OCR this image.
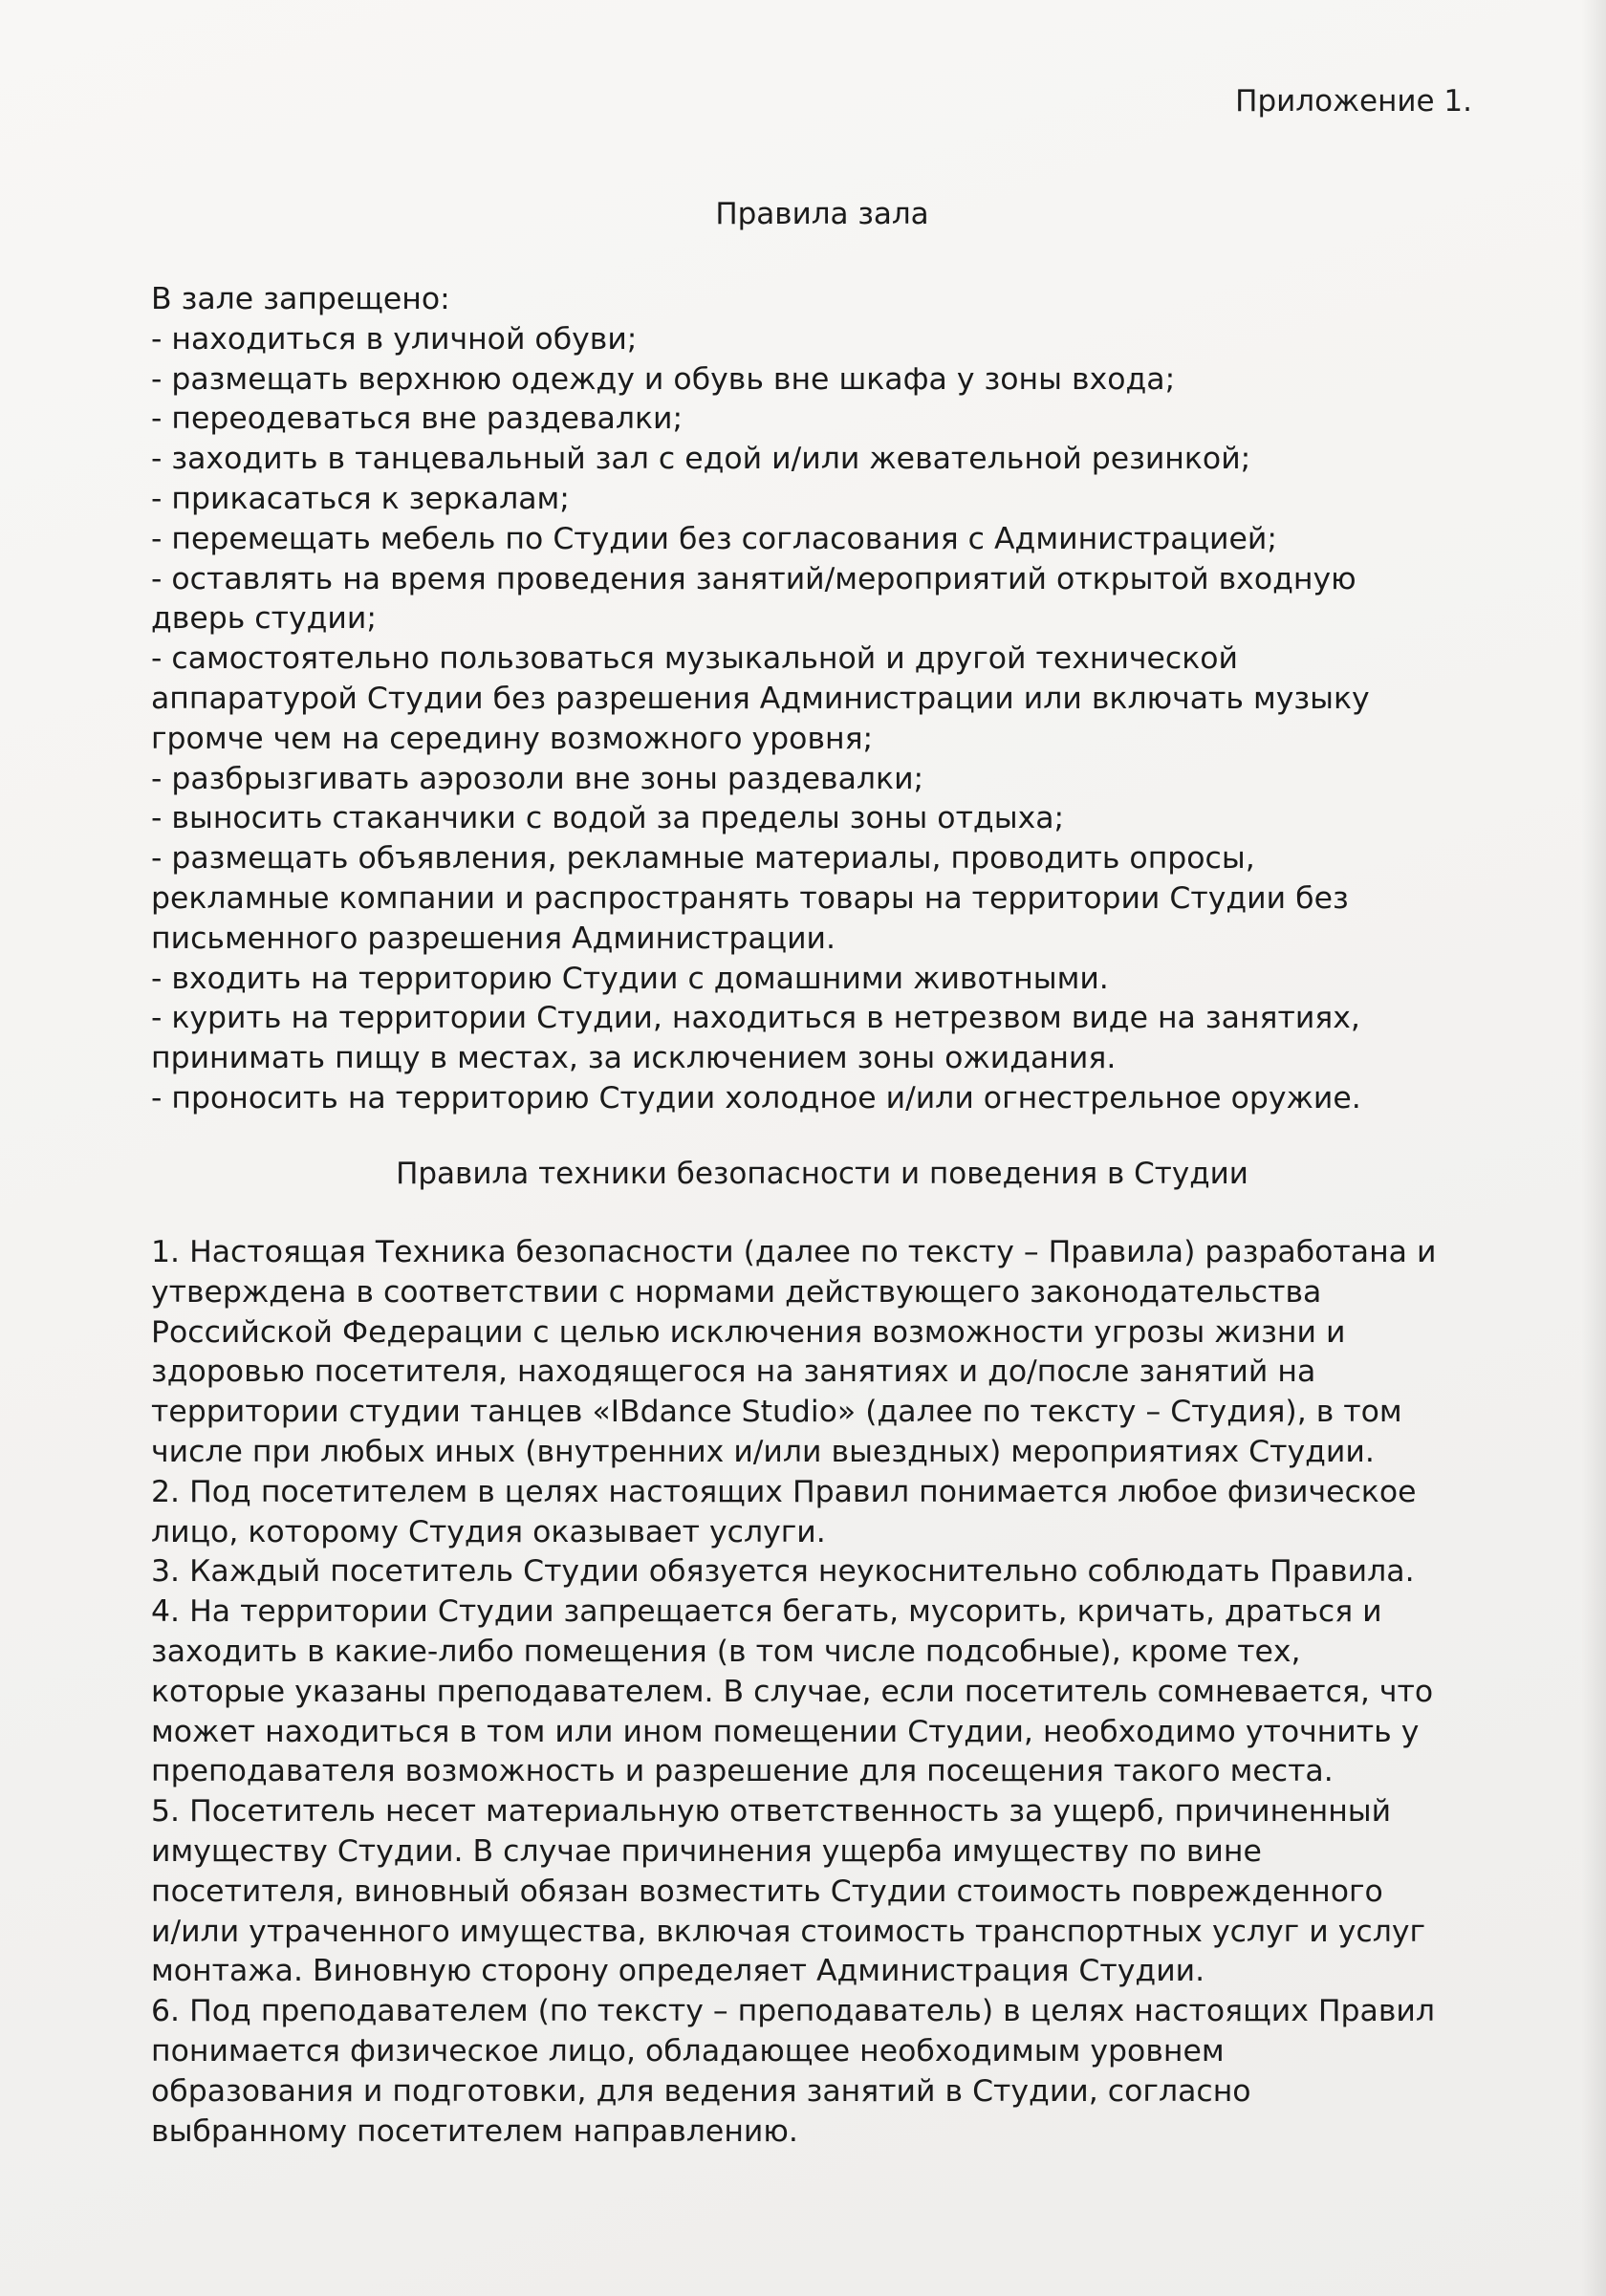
Приложение 1.
Правила зала
В зале запрещено:
- находиться в уличной обуви;
- размещать верхнюю одежду и обувь вне шкафа у зоны входа;
- переодеваться вне раздевалки;
- заходить в танцевальный зал с едой и/или жевательной резинкой;
- прикасаться к зеркалам;
- перемещать мебель по Студии без согласования с Администрацией;
- оставлять на время проведения занятий/мероприятий открытой входную
дверь студии;
- самостоятельно пользоваться музыкальной и другой технической
аппаратурой Студии без разрешения Администрации или включать музыку
громче чем на середину возможного уровня;
- разбрызгивать аэрозоли вне зоны раздевалки;
- выносить стаканчики с водой за пределы зоны отдыха;
- размещать объявления, рекламные материалы, проводить опросы,
рекламные компании и распространять товары на территории Студии без
письменного разрешения Администрации.
- входить на территорию Студии с домашними животными.
- курить на территории Студии, находиться в нетрезвом виде на занятиях,
принимать пищу в местах, за исключением зоны ожидания.
- проносить на территорию Студии холодное и/или огнестрельное оружие.
Правила техники безопасности и поведения в Студии
1. Настоящая Техника безопасности (далее по тексту – Правила) разработана и
утверждена в соответствии с нормами действующего законодательства
Российской Федерации с целью исключения возможности угрозы жизни и
здоровью посетителя, находящегося на занятиях и до/после занятий на
территории студии танцев «IBdance Studio» (далее по тексту – Студия), в том
числе при любых иных (внутренних и/или выездных) мероприятиях Студии.
2. Под посетителем в целях настоящих Правил понимается любое физическое
лицо, которому Студия оказывает услуги.
3. Каждый посетитель Студии обязуется неукоснительно соблюдать Правила.
4. На территории Студии запрещается бегать, мусорить, кричать, драться и
заходить в какие-либо помещения (в том числе подсобные), кроме тех,
которые указаны преподавателем. В случае, если посетитель сомневается, что
может находиться в том или ином помещении Студии, необходимо уточнить у
преподавателя возможность и разрешение для посещения такого места.
5. Посетитель несет материальную ответственность за ущерб, причиненный
имуществу Студии. В случае причинения ущерба имуществу по вине
посетителя, виновный обязан возместить Студии стоимость поврежденного
и/или утраченного имущества, включая стоимость транспортных услуг и услуг
монтажа. Виновную сторону определяет Администрация Студии.
6. Под преподавателем (по тексту – преподаватель) в целях настоящих Правил
понимается физическое лицо, обладающее необходимым уровнем
образования и подготовки, для ведения занятий в Студии, согласно
выбранному посетителем направлению.
